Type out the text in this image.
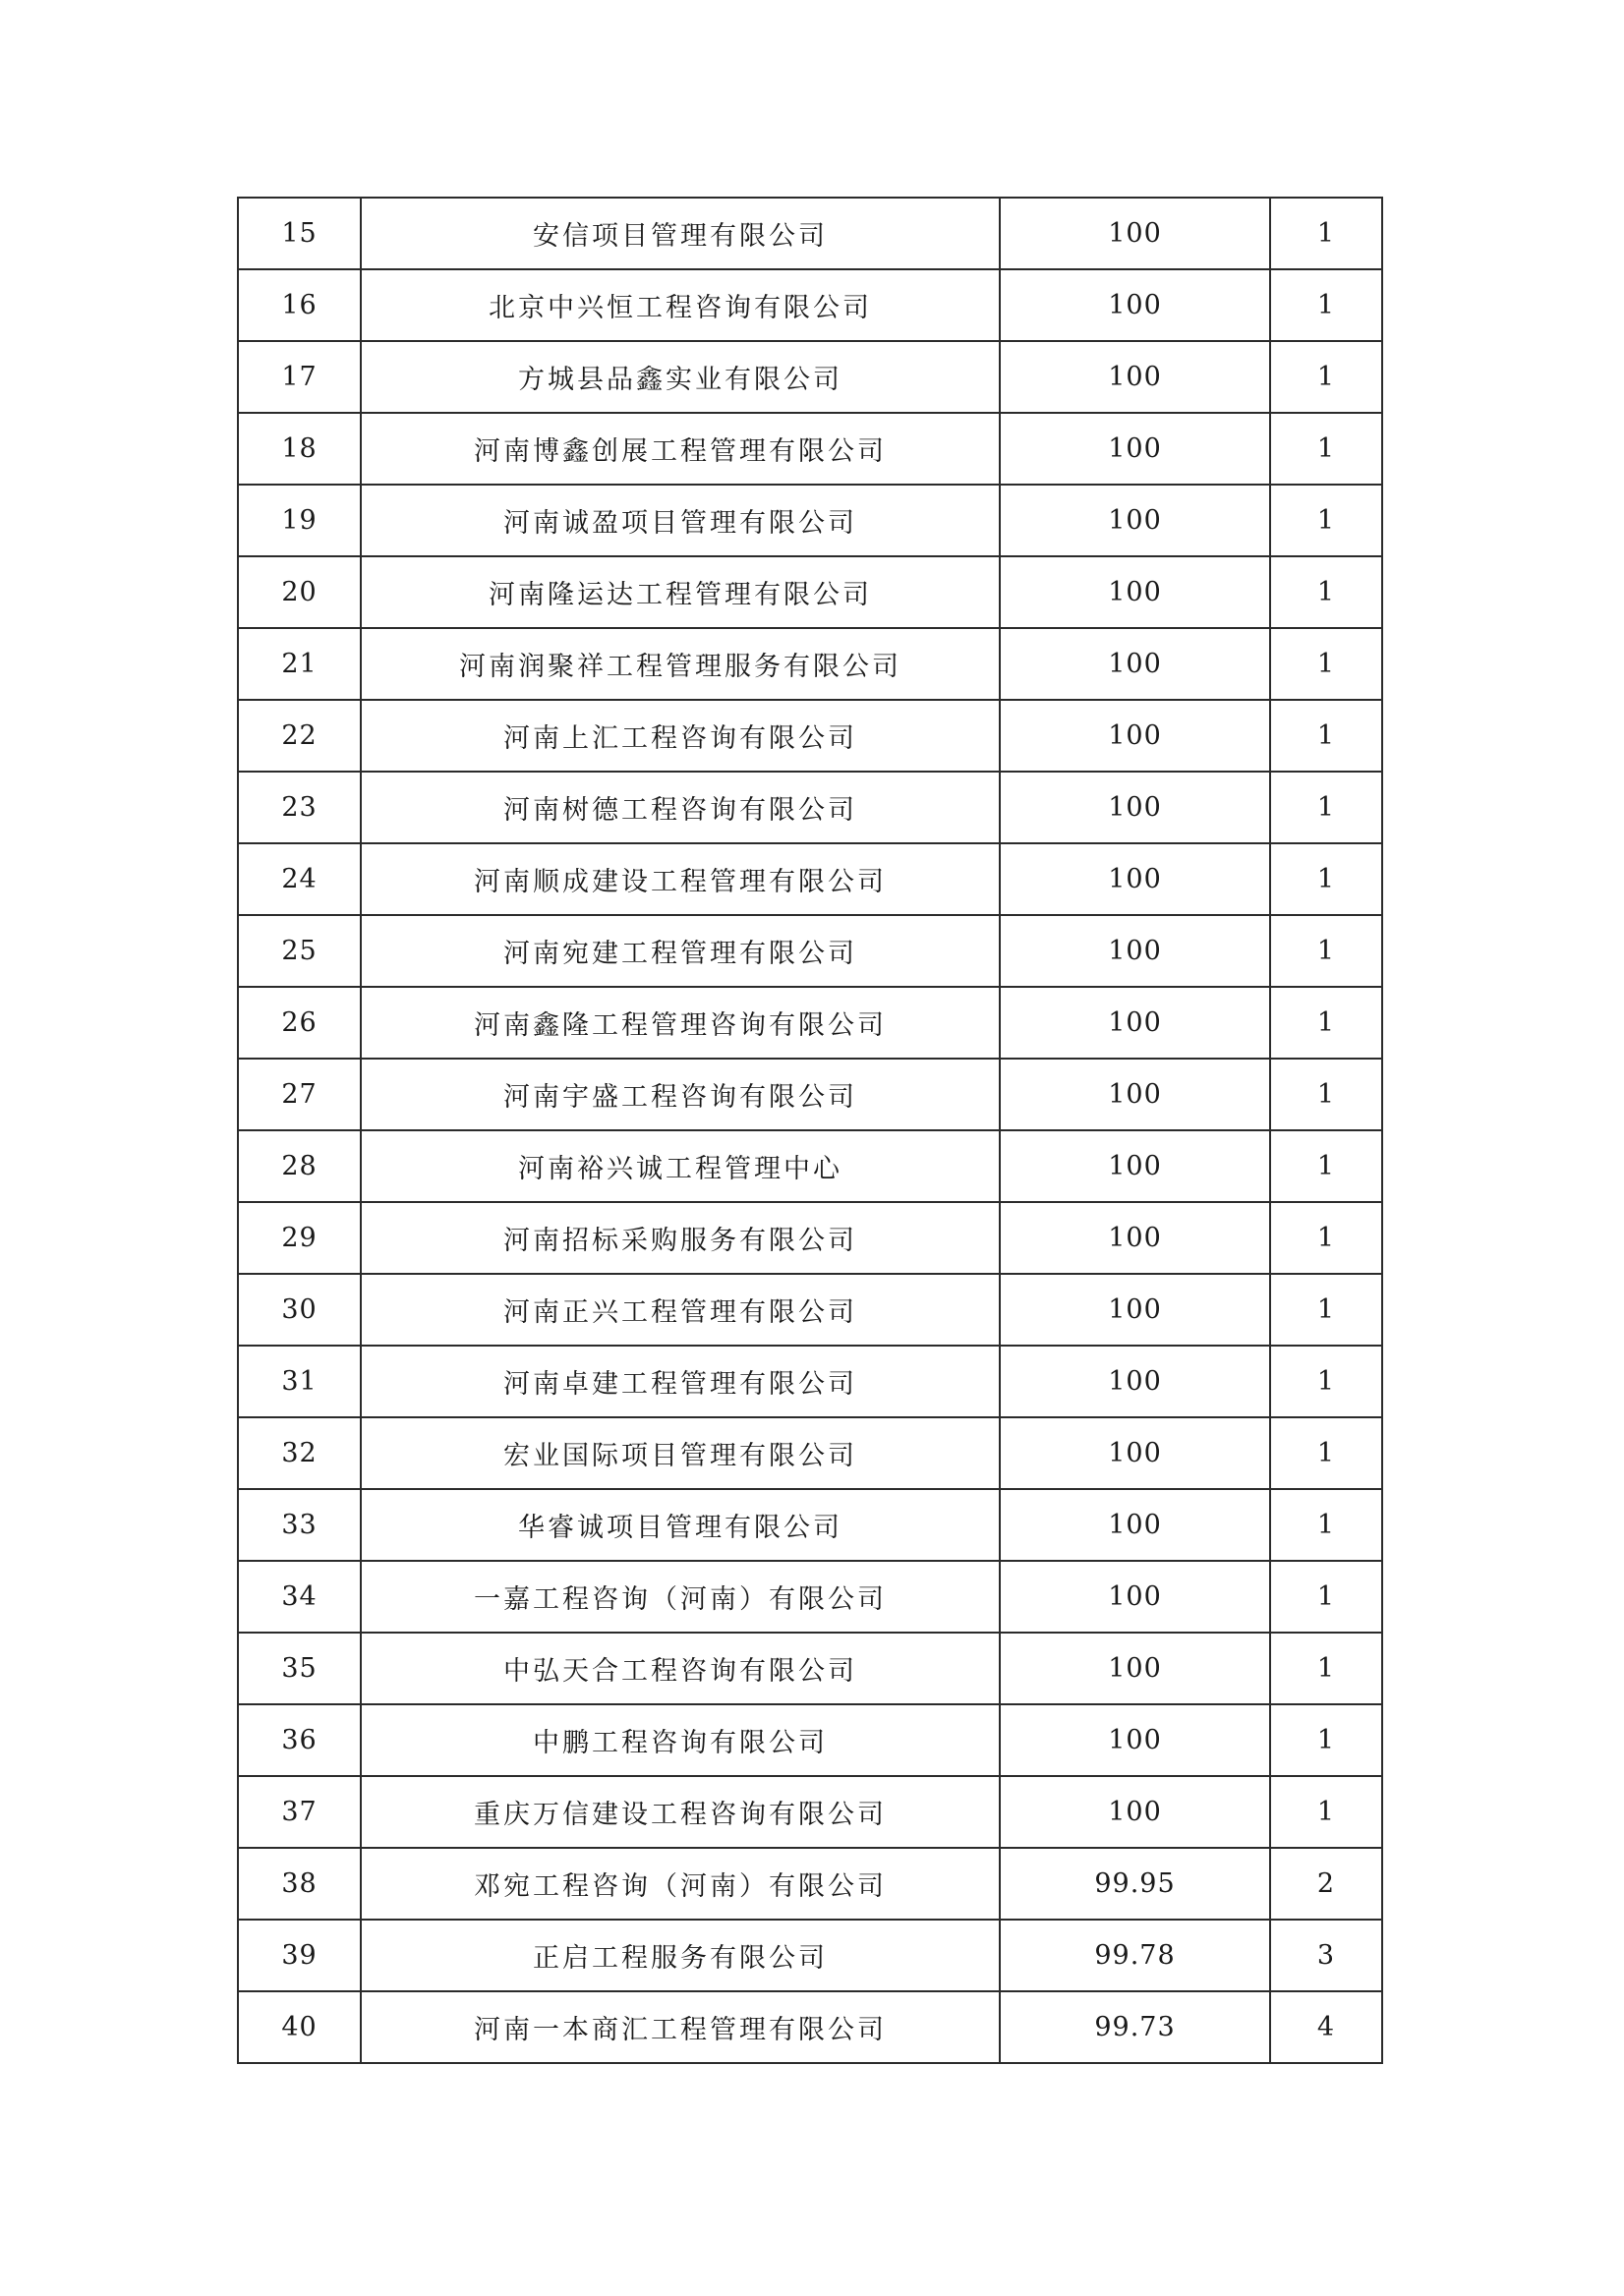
15	安信项目管理有限公司	100	1
16	北京中兴恒工程咨询有限公司	100	1
17	方城县品鑫实业有限公司	100	1
18	河南博鑫创展工程管理有限公司	100	1
19	河南诚盈项目管理有限公司	100	1
20	河南隆运达工程管理有限公司	100	1
21	河南润聚祥工程管理服务有限公司	100	1
22	河南上汇工程咨询有限公司	100	1
23	河南树德工程咨询有限公司	100	1
24	河南顺成建设工程管理有限公司	100	1
25	河南宛建工程管理有限公司	100	1
26	河南鑫隆工程管理咨询有限公司	100	1
27	河南宇盛工程咨询有限公司	100	1
28	河南裕兴诚工程管理中心	100	1
29	河南招标采购服务有限公司	100	1
30	河南正兴工程管理有限公司	100	1
31	河南卓建工程管理有限公司	100	1
32	宏业国际项目管理有限公司	100	1
33	华睿诚项目管理有限公司	100	1
34	一嘉工程咨询（河南）有限公司	100	1
35	中弘天合工程咨询有限公司	100	1
36	中鹏工程咨询有限公司	100	1
37	重庆万信建设工程咨询有限公司	100	1
38	邓宛工程咨询（河南）有限公司	99.95	2
39	正启工程服务有限公司	99.78	3
40	河南一本商汇工程管理有限公司	99.73	4
